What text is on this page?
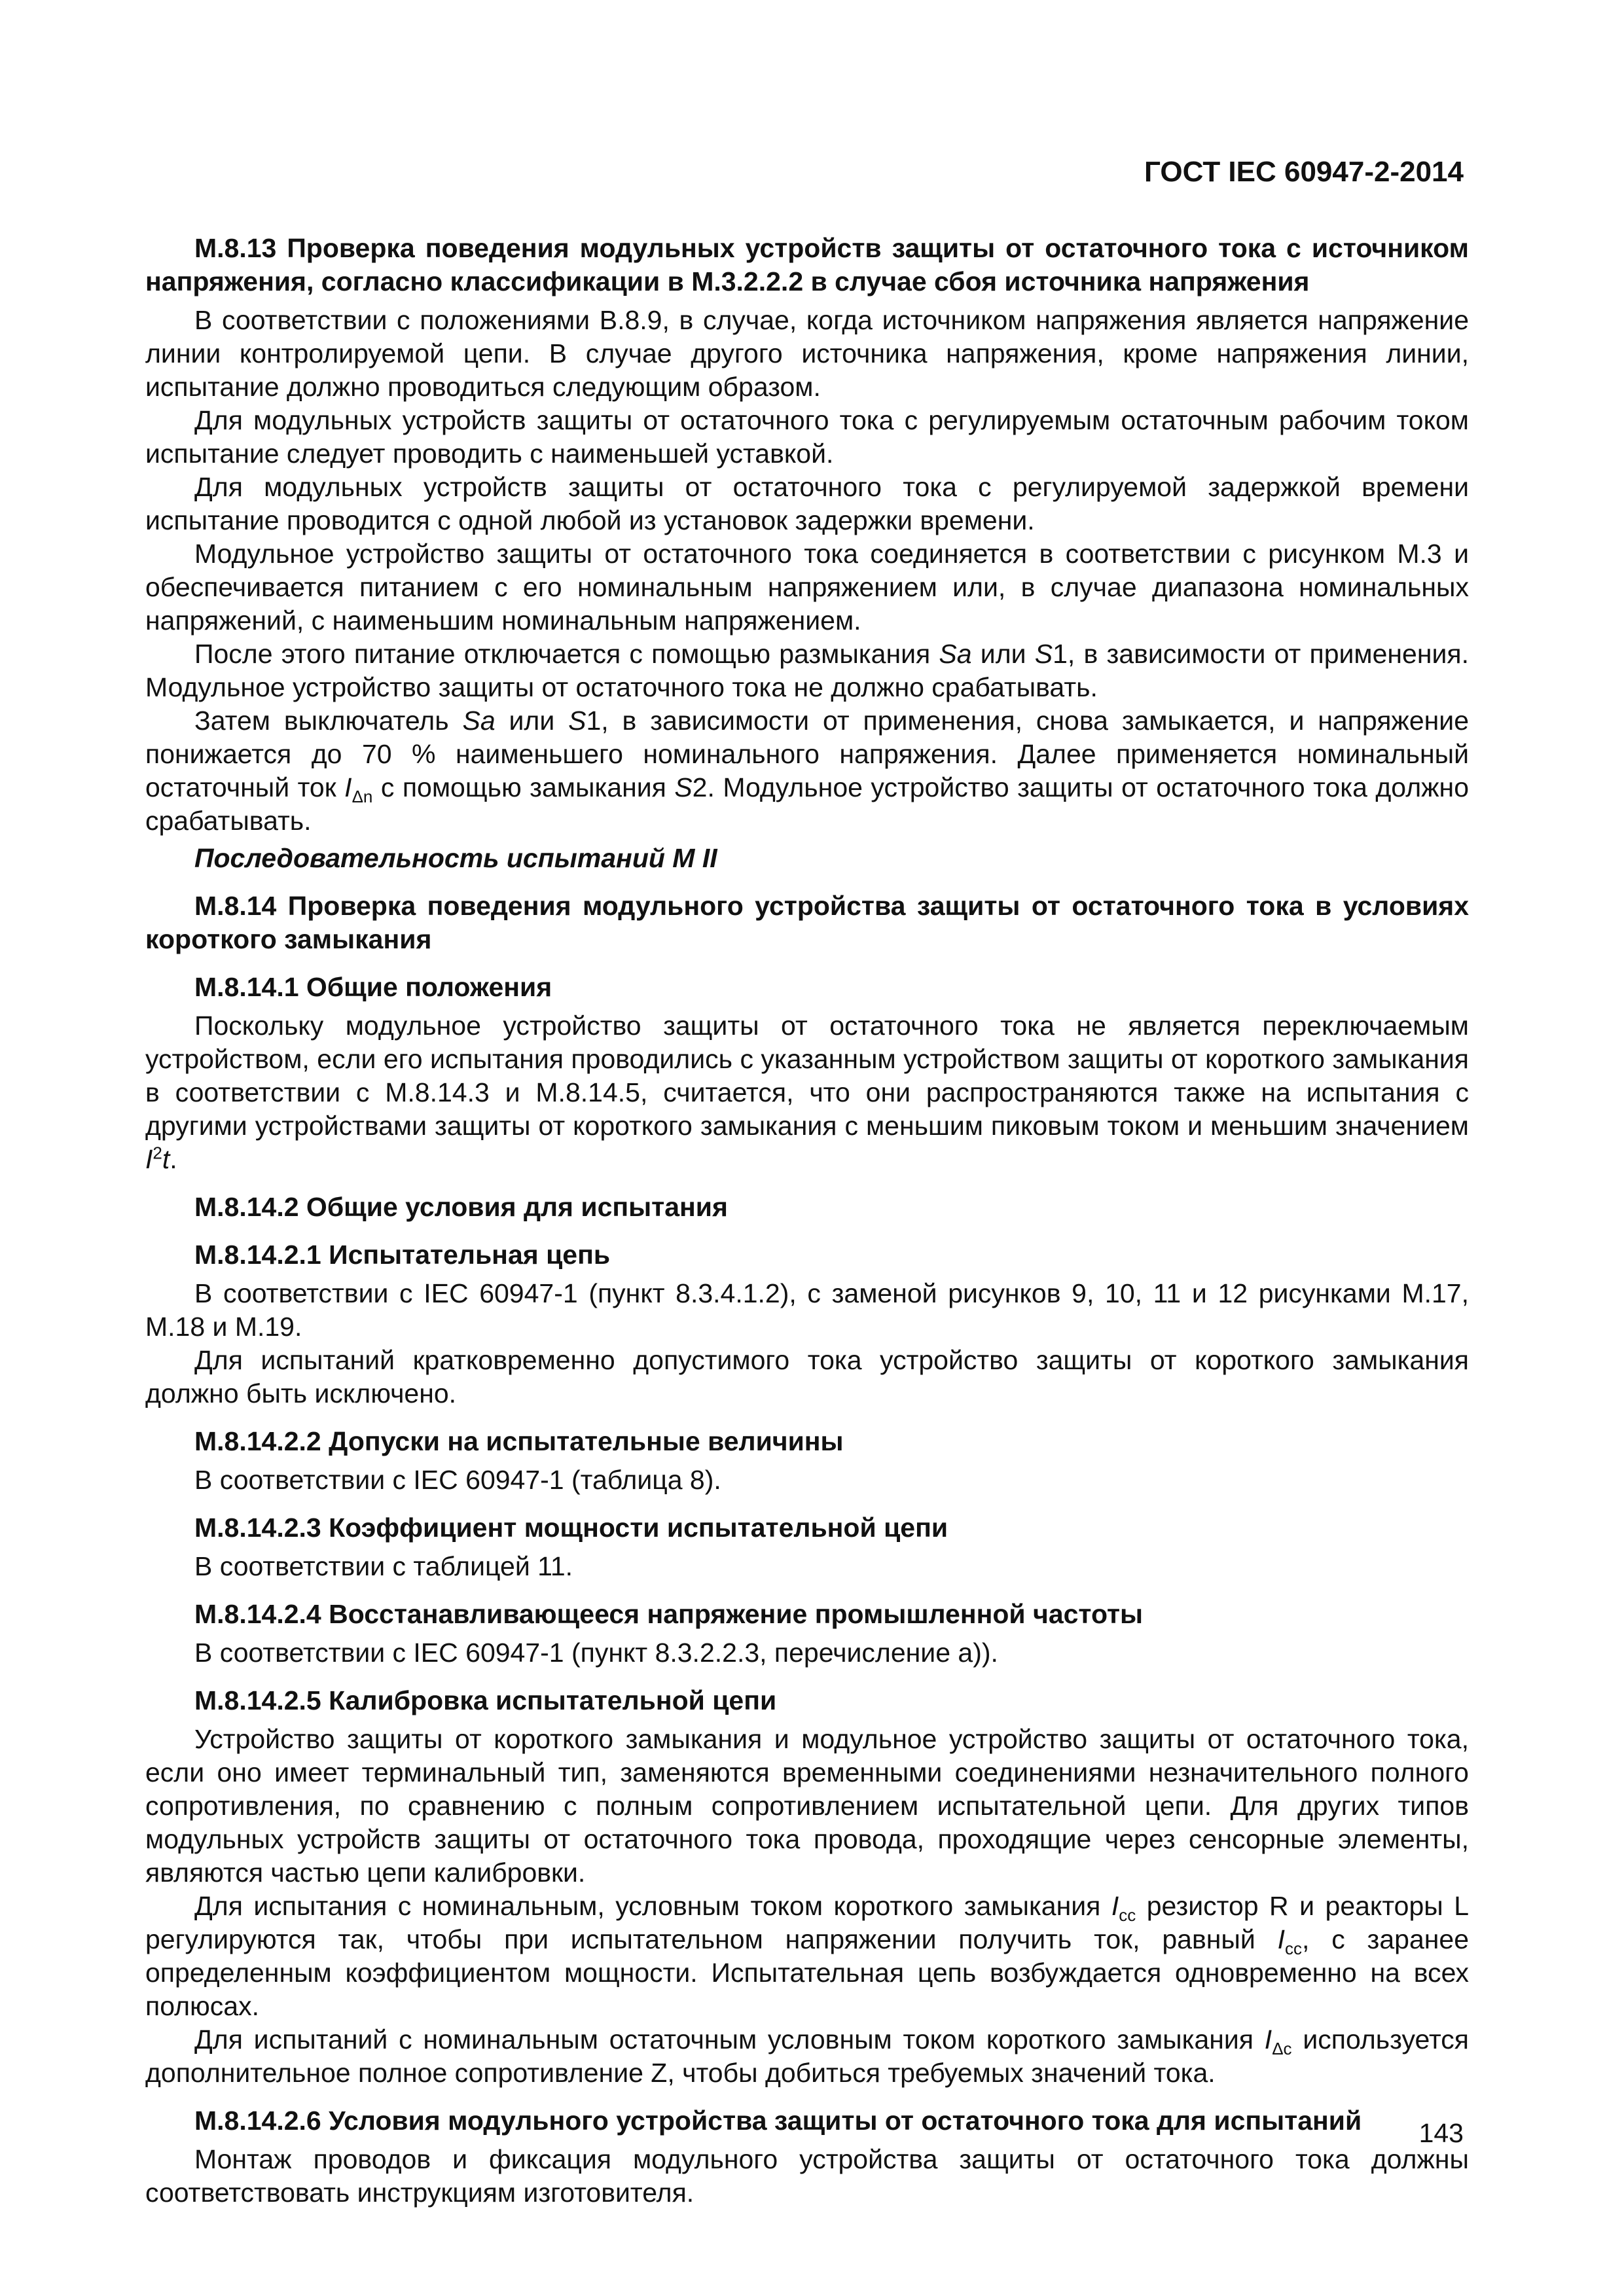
ГОСТ IEC 60947-2-2014

М.8.13 Проверка поведения модульных устройств защиты от остаточного тока с источником напряжения, согласно классификации в М.3.2.2.2 в случае сбоя источника напряжения

В соответствии с положениями В.8.9, в случае, когда источником напряжения является напряжение линии контролируемой цепи. В случае другого источника напряжения, кроме напряжения линии, испытание должно проводиться следующим образом.

Для модульных устройств защиты от остаточного тока с регулируемым остаточным рабочим током испытание следует проводить с наименьшей уставкой.

Для модульных устройств защиты от остаточного тока с регулируемой задержкой времени испытание проводится с одной любой из установок задержки времени.

Модульное устройство защиты от остаточного тока соединяется в соответствии с рисунком М.3 и обеспечивается питанием с его номинальным напряжением или, в случае диапазона номинальных напряжений, с наименьшим номинальным напряжением.

После этого питание отключается с помощью размыкания Sa или S1, в зависимости от применения. Модульное устройство защиты от остаточного тока не должно срабатывать.

Затем выключатель Sa или S1, в зависимости от применения, снова замыкается, и напряжение понижается до 70 % наименьшего номинального напряжения. Далее применяется номинальный остаточный ток $I_{\Delta n}$ с помощью замыкания S2. Модульное устройство защиты от остаточного тока должно срабатывать.

Последовательность испытаний M II

М.8.14 Проверка поведения модульного устройства защиты от остаточного тока в условиях короткого замыкания

М.8.14.1 Общие положения

Поскольку модульное устройство защиты от остаточного тока не является переключаемым устройством, если его испытания проводились с указанным устройством защиты от короткого замыкания в соответствии с М.8.14.3 и М.8.14.5, считается, что они распространяются также на испытания с другими устройствами защиты от короткого замыкания с меньшим пиковым током и меньшим значением $I^2t$.

М.8.14.2 Общие условия для испытания

М.8.14.2.1 Испытательная цепь

В соответствии с IEC 60947-1 (пункт 8.3.4.1.2), с заменой рисунков 9, 10, 11 и 12 рисунками М.17, М.18 и М.19.

Для испытаний кратковременно допустимого тока устройство защиты от короткого замыкания должно быть исключено.

М.8.14.2.2 Допуски на испытательные величины

В соответствии с IEC 60947-1 (таблица 8).

М.8.14.2.3 Коэффициент мощности испытательной цепи

В соответствии с таблицей 11.

М.8.14.2.4 Восстанавливающееся напряжение промышленной частоты

В соответствии с IEC 60947-1 (пункт 8.3.2.2.3, перечисление а)).

М.8.14.2.5 Калибровка испытательной цепи

Устройство защиты от короткого замыкания и модульное устройство защиты от остаточного тока, если оно имеет терминальный тип, заменяются временными соединениями незначительного полного сопротивления, по сравнению с полным сопротивлением испытательной цепи. Для других типов модульных устройств защиты от остаточного тока провода, проходящие через сенсорные элементы, являются частью цепи калибровки.

Для испытания с номинальным, условным током короткого замыкания $I_{cc}$ резистор R и реакторы L регулируются так, чтобы при испытательном напряжении получить ток, равный $I_{cc}$, с заранее определенным коэффициентом мощности. Испытательная цепь возбуждается одновременно на всех полюсах.

Для испытаний с номинальным остаточным условным током короткого замыкания $I_{\Delta c}$ используется дополнительное полное сопротивление Z, чтобы добиться требуемых значений тока.

М.8.14.2.6 Условия модульного устройства защиты от остаточного тока для испытаний

Монтаж проводов и фиксация модульного устройства защиты от остаточного тока должны соответствовать инструкциям изготовителя.

143
